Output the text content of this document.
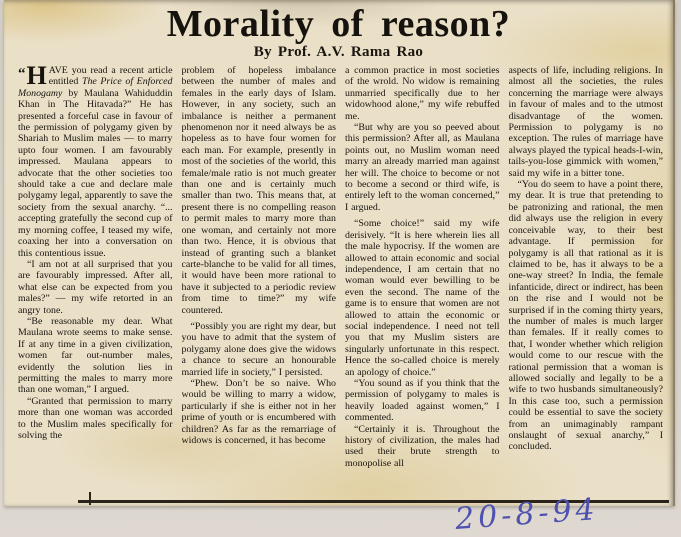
Morality of reason?
By Prof. A.V. Rama Rao

“ H AVE you read a recent article entitled The Price of Enforced Monogamy by Maulana Wahiduddin Khan in The Hitavada?” He has presented a forceful case in favour of the permission of polygamy given by Shariah to Muslim males — to marry upto four women. I am favourably impressed. Maulana appears to advocate that the other societies too should take a cue and declare male polygamy legal, apparently to save the society from the sexual anarchy. “... accepting gratefully the second cup of my morning coffee, I teased my wife, coaxing her into a conversation on this contentious issue.

“I am not at all surprised that you are favourably impressed. After all, what else can be expected from you males?” — my wife retorted in an angry tone.

“Be reasonable my dear. What Maulana wrote seems to make sense. If at any time in a given civilization, women far out-number males, evidently the solution lies in permitting the males to marry more than one woman,” I argued.

“Granted that permission to marry more than one woman was accorded to the Muslim males specifically for solving the

problem of hopeless imbalance between the number of males and females in the early days of Islam. However, in any society, such an imbalance is neither a permanent phenomenon nor it need always be as hopeless as to have four women for each man. For example, presently in most of the societies of the world, this female/male ratio is not much greater than one and is certainly much smaller than two. This means that, at present there is no compelling reason to permit males to marry more than one woman, and certainly not more than two. Hence, it is obvious that instead of granting such a blanket carte-blanche to be valid for all times, it would have been more rational to have it subjected to a periodic review from time to time?” my wife countered.

“Possibly you are right my dear, but you have to admit that the system of polygamy alone does give the widows a chance to secure an honourable married life in society,” I persisted.

“Phew. Don’t be so naive. Who would be willing to marry a widow, particularly if she is either not in her prime of youth or is encumbered with children? As far as the remarriage of widows is concerned, it has become

a common practice in most societies of the wrold. No widow is remaining unmarried specifically due to her widowhood alone,” my wife rebuffed me.

“But why are you so peeved about this permission? After all, as Maulana points out, no Muslim woman need marry an already married man against her will. The choice to become or not to become a second or third wife, is entirely left to the woman concerned,” I argued.

“Some choice!” said my wife derisively. “It is here wherein lies all the male hypocrisy. If the women are allowed to attain economic and social independence, I am certain that no woman would ever bewilling to be even the second. The name of the game is to ensure that women are not allowed to attain the economic or social independence. I need not tell you that my Muslim sisters are singularly unfortunate in this respect. Hence the so-called choice is merely an apology of choice.”

“You sound as if you think that the permission of polygamy to males is heavily loaded against women,” I commented.

“Certainly it is. Throughout the history of civilization, the males had used their brute strength to monopolise all

aspects of life, including religions. In almost all the societies, the rules concerning the marriage were always in favour of males and to the utmost disadvantage of the women. Permission to polygamy is no exception. The rules of marriage have always played the typical heads-I-win, tails-you-lose gimmick with women,” said my wife in a bitter tone.

“You do seem to have a point there, my dear. It is true that pretending to be patronizing and rational, the men did always use the religion in every conceivable way, to their best advantage. If permission for polygamy is all that rational as it is claimed to be, has it always to be a one-way street? In India, the female infanticide, direct or indirect, has been on the rise and I would not be surprised if in the coming thirty years, the number of males is much larger than females. If it really comes to that, I wonder whether which religion would come to our rescue with the rational permission that a woman is allowed socially and legally to be a wife to two husbands simultaneously? In this case too, such a permission could be essential to save the society from an unimaginably rampant onslaught of sexual anarchy,” I concluded.

20-8-94
